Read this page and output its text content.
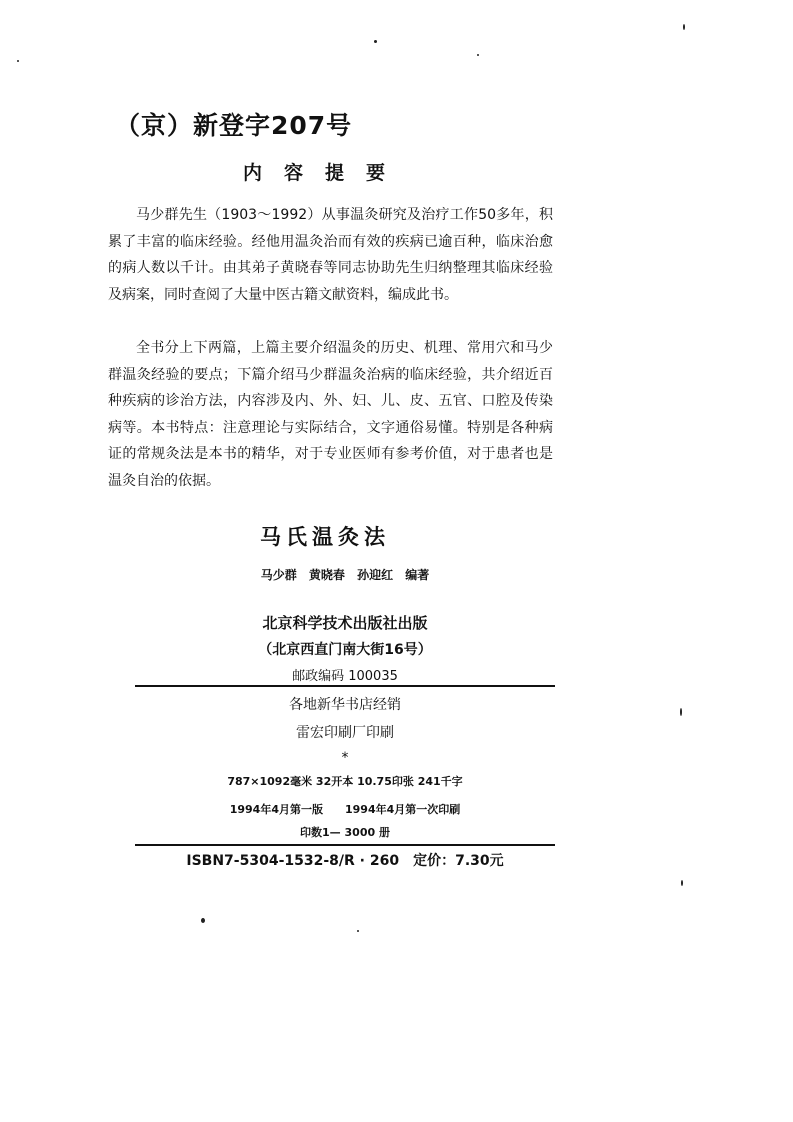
（京）新登字207号
内容提要
马少群先生（1903～1992）从事温灸研究及治疗工作50多年，积累了丰富的临床经验。经他用温灸治而有效的疾病已逾百种，临床治愈的病人数以千计。由其弟子黄晓春等同志协助先生归纳整理其临床经验及病案，同时查阅了大量中医古籍文献资料，编成此书。
全书分上下两篇，上篇主要介绍温灸的历史、机理、常用穴和马少群温灸经验的要点；下篇介绍马少群温灸治病的临床经验，共介绍近百种疾病的诊治方法，内容涉及内、外、妇、儿、皮、五官、口腔及传染病等。本书特点：注意理论与实际结合，文字通俗易懂。特别是各种病证的常规灸法是本书的精华，对于专业医师有参考价值，对于患者也是温灸自治的依据。
马氏温灸法
马少群 黄晓春 孙迎红 编著
北京科学技术出版社出版
（北京西直门南大街16号）
邮政编码 100035
各地新华书店经销
雷宏印刷厂印刷
*
787×1092毫米 32开本 10.75印张 241千字
1994年4月第一版　　1994年4月第一次印刷
印数1— 3000 册
ISBN7-5304-1532-8/R · 260　定价：7.30元
